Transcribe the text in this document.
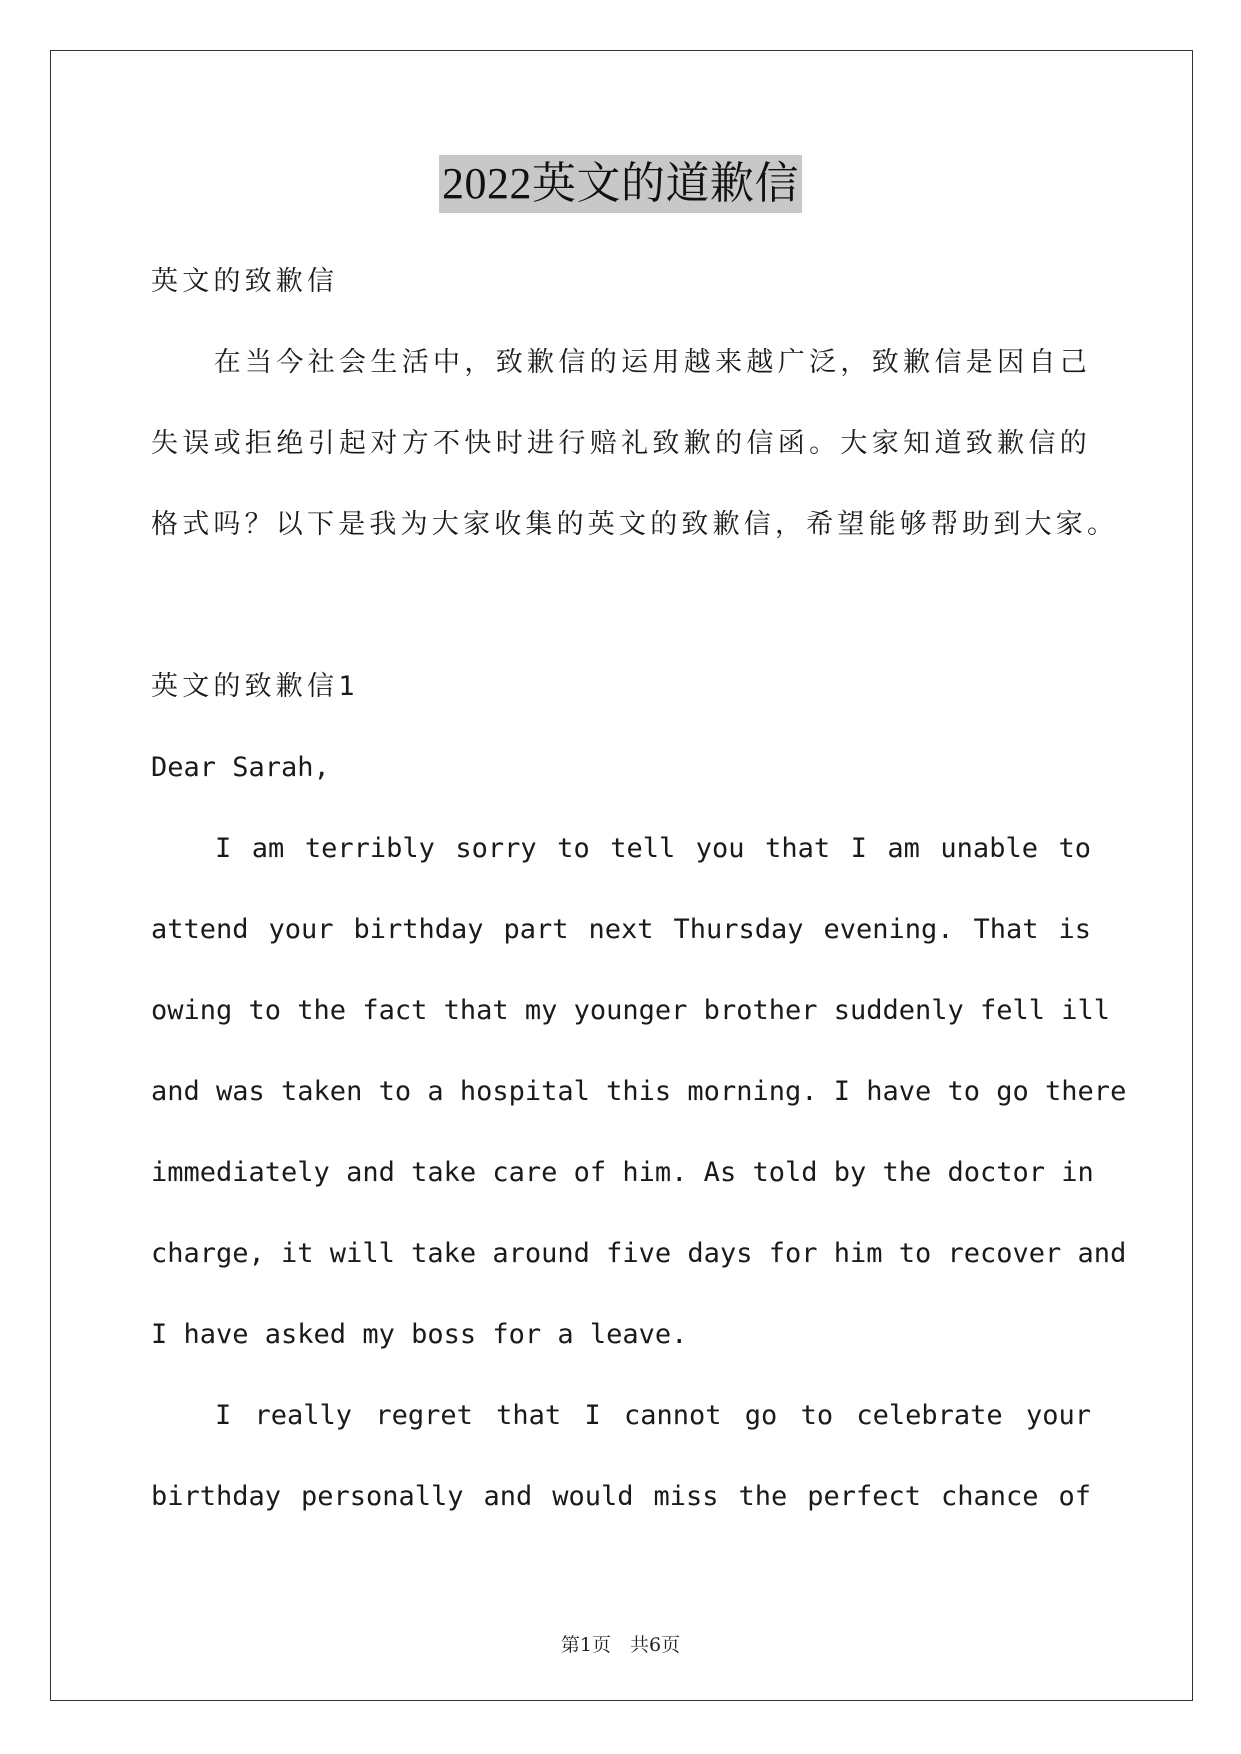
2022英文的道歉信
英文的致歉信
　　在当今社会生活中，致歉信的运用越来越广泛，致歉信是因自己
失误或拒绝引起对方不快时进行赔礼致歉的信函。大家知道致歉信的
格式吗？以下是我为大家收集的英文的致歉信，希望能够帮助到大家。
英文的致歉信1
Dear Sarah,
I am terribly sorry to tell you that I am unable to
attend your birthday part next Thursday evening. That is
owing to the fact that my younger brother suddenly fell ill
and was taken to a hospital this morning. I have to go there
immediately and take care of him. As told by the doctor in
charge, it will take around five days for him to recover and
I have asked my boss for a leave.
I really regret that I cannot go to celebrate your
birthday personally and would miss the perfect chance of
第1页　共6页
